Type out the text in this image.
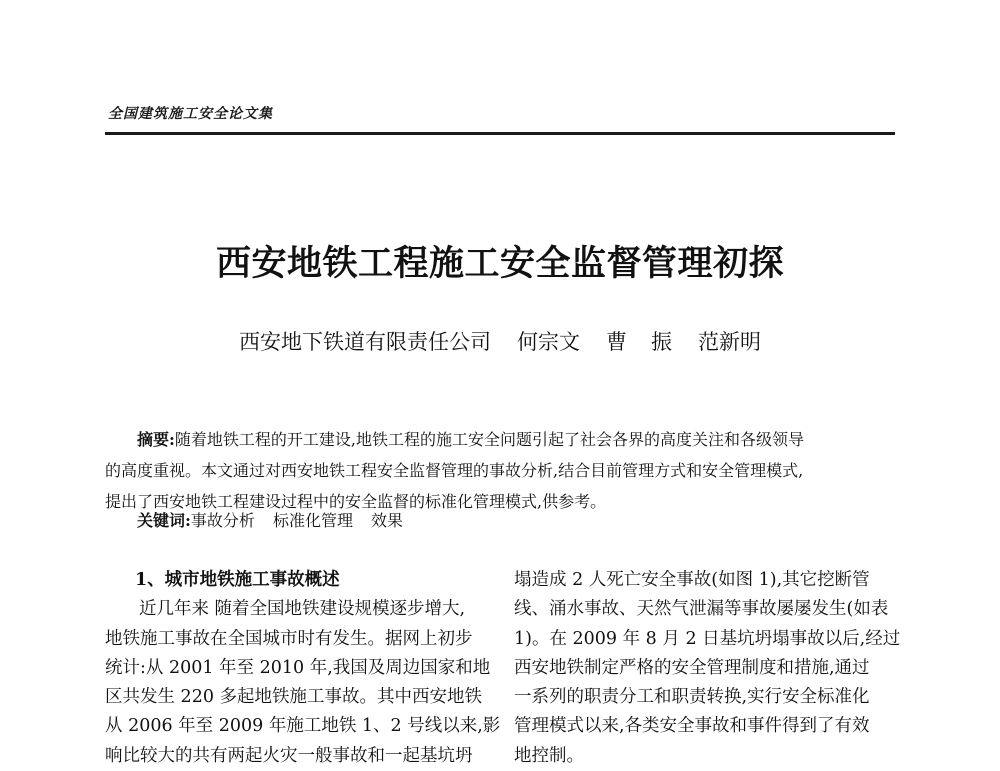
全国建筑施工安全论文集
西安地铁工程施工安全监督管理初探
西安地下铁道有限责任公司 何宗文 曹 振 范新明
摘要:随着地铁工程的开工建设,地铁工程的施工安全问题引起了社会各界的高度关注和各级领导
的高度重视。本文通过对西安地铁工程安全监督管理的事故分析,结合目前管理方式和安全管理模式,
提出了西安地铁工程建设过程中的安全监督的标准化管理模式,供参考。
关键词:事故分析 标准化管理 效果
1、城市地铁施工事故概述
近几年来 随着全国地铁建设规模逐步增大,
地铁施工事故在全国城市时有发生。据网上初步
统计:从 2001 年至 2010 年,我国及周边国家和地
区共发生 220 多起地铁施工事故。其中西安地铁
从 2006 年至 2009 年施工地铁 1、2 号线以来,影
响比较大的共有两起火灾一般事故和一起基坑坍
塌造成 2 人死亡安全事故(如图 1),其它挖断管
线、涌水事故、天然气泄漏等事故屡屡发生(如表
1)。在 2009 年 8 月 2 日基坑坍塌事故以后,经过
西安地铁制定严格的安全管理制度和措施,通过
一系列的职责分工和职责转换,实行安全标准化
管理模式以来,各类安全事故和事件得到了有效
地控制。
